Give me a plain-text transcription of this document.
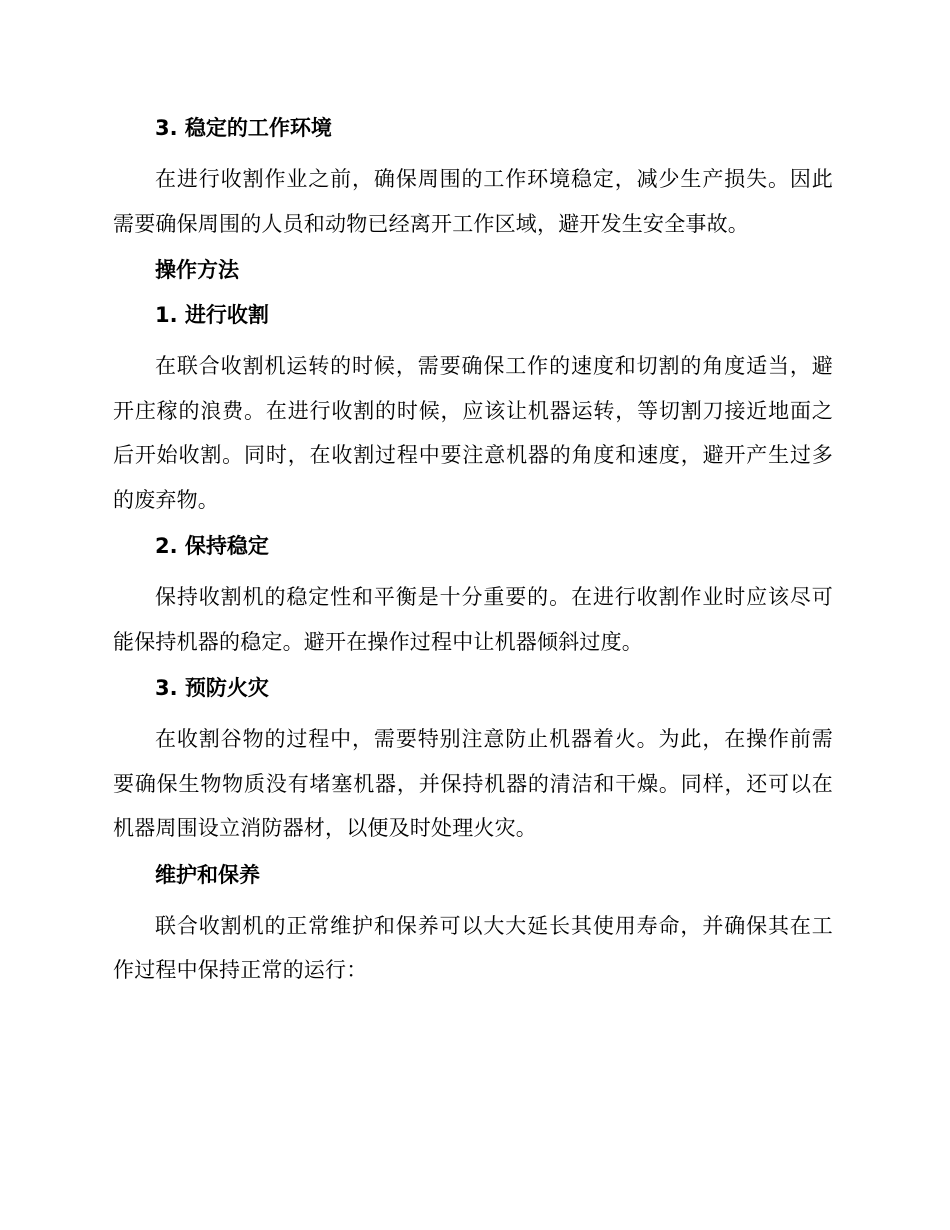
3. 稳定的工作环境

在进行收割作业之前，确保周围的工作环境稳定，减少生产损失。因此需要确保周围的人员和动物已经离开工作区域，避开发生安全事故。

操作方法
1. 进行收割

在联合收割机运转的时候，需要确保工作的速度和切割的角度适当，避开庄稼的浪费。在进行收割的时候，应该让机器运转，等切割刀接近地面之后开始收割。同时，在收割过程中要注意机器的角度和速度，避开产生过多的废弃物。

2. 保持稳定

保持收割机的稳定性和平衡是十分重要的。在进行收割作业时应该尽可能保持机器的稳定。避开在操作过程中让机器倾斜过度。

3. 预防火灾

在收割谷物的过程中，需要特别注意防止机器着火。为此，在操作前需要确保生物物质没有堵塞机器，并保持机器的清洁和干燥。同样，还可以在机器周围设立消防器材，以便及时处理火灾。

维护和保养

联合收割机的正常维护和保养可以大大延长其使用寿命，并确保其在工作过程中保持正常的运行：
